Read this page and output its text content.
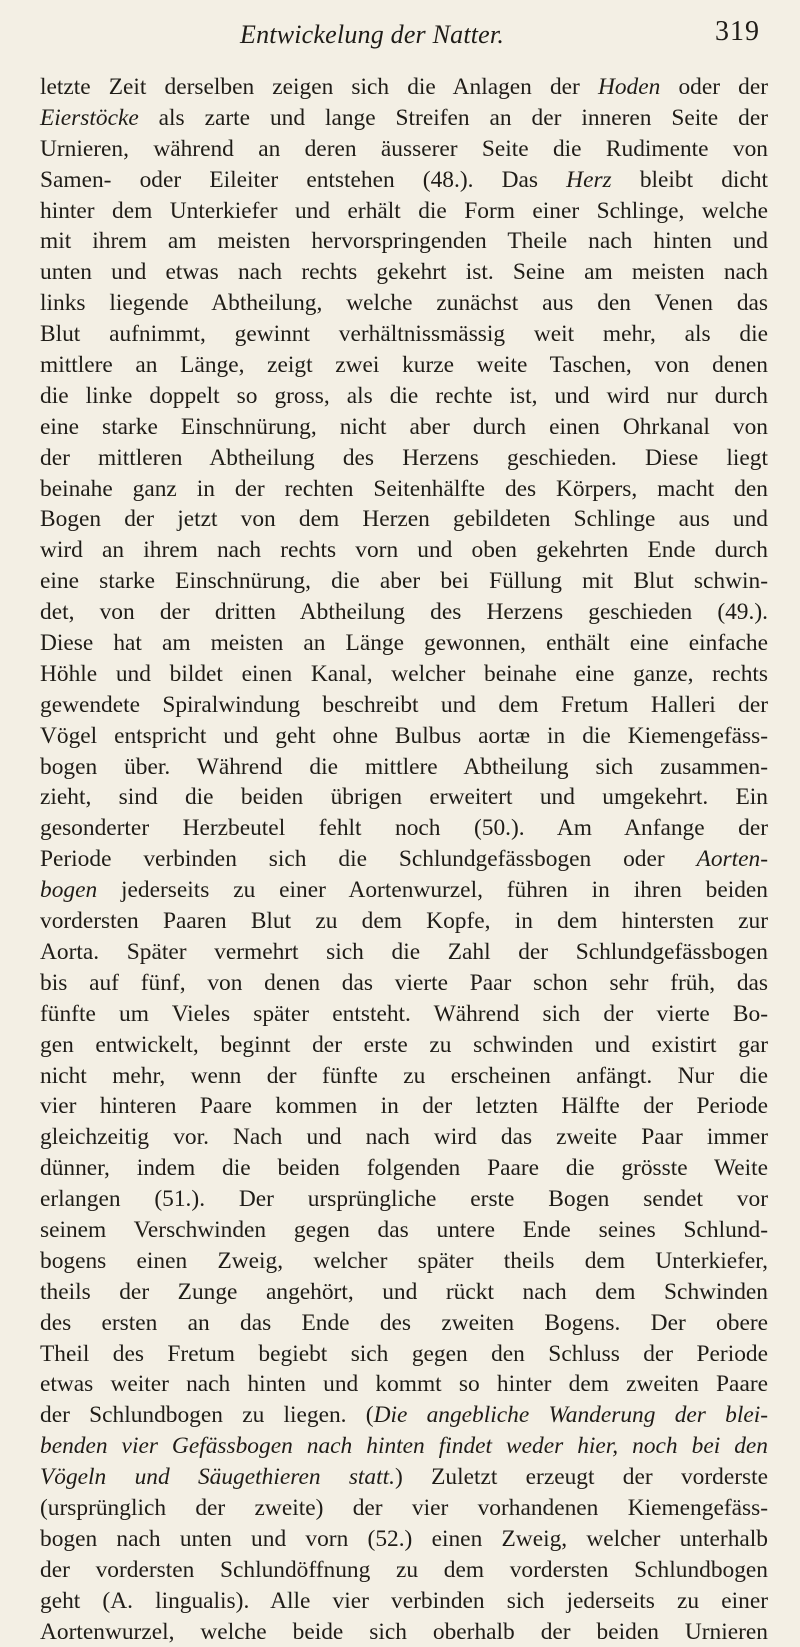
Entwickelung der Natter.	319
letzte Zeit derselben zeigen sich die Anlagen der Hoden oder der
Eierstöcke als zarte und lange Streifen an der inneren Seite der
Urnieren, während an deren äusserer Seite die Rudimente von
Samen- oder Eileiter entstehen (48.). Das Herz bleibt dicht
hinter dem Unterkiefer und erhält die Form einer Schlinge, welche
mit ihrem am meisten hervorspringenden Theile nach hinten und
unten und etwas nach rechts gekehrt ist. Seine am meisten nach
links liegende Abtheilung, welche zunächst aus den Venen das
Blut aufnimmt, gewinnt verhältnissmässig weit mehr, als die
mittlere an Länge, zeigt zwei kurze weite Taschen, von denen
die linke doppelt so gross, als die rechte ist, und wird nur durch
eine starke Einschnürung, nicht aber durch einen Ohrkanal von
der mittleren Abtheilung des Herzens geschieden. Diese liegt
beinahe ganz in der rechten Seitenhälfte des Körpers, macht den
Bogen der jetzt von dem Herzen gebildeten Schlinge aus und
wird an ihrem nach rechts vorn und oben gekehrten Ende durch
eine starke Einschnürung, die aber bei Füllung mit Blut schwin-
det, von der dritten Abtheilung des Herzens geschieden (49.).
Diese hat am meisten an Länge gewonnen, enthält eine einfache
Höhle und bildet einen Kanal, welcher beinahe eine ganze, rechts
gewendete Spiralwindung beschreibt und dem Fretum Halleri der
Vögel entspricht und geht ohne Bulbus aortæ in die Kiemengefäss-
bogen über. Während die mittlere Abtheilung sich zusammen-
zieht, sind die beiden übrigen erweitert und umgekehrt. Ein
gesonderter Herzbeutel fehlt noch (50.). Am Anfange der
Periode verbinden sich die Schlundgefässbogen oder Aorten-
bogen jederseits zu einer Aortenwurzel, führen in ihren beiden
vordersten Paaren Blut zu dem Kopfe, in dem hintersten zur
Aorta. Später vermehrt sich die Zahl der Schlundgefässbogen
bis auf fünf, von denen das vierte Paar schon sehr früh, das
fünfte um Vieles später entsteht. Während sich der vierte Bo-
gen entwickelt, beginnt der erste zu schwinden und existirt gar
nicht mehr, wenn der fünfte zu erscheinen anfängt. Nur die
vier hinteren Paare kommen in der letzten Hälfte der Periode
gleichzeitig vor. Nach und nach wird das zweite Paar immer
dünner, indem die beiden folgenden Paare die grösste Weite
erlangen (51.). Der ursprüngliche erste Bogen sendet vor
seinem Verschwinden gegen das untere Ende seines Schlund-
bogens einen Zweig, welcher später theils dem Unterkiefer,
theils der Zunge angehört, und rückt nach dem Schwinden
des ersten an das Ende des zweiten Bogens. Der obere
Theil des Fretum begiebt sich gegen den Schluss der Periode
etwas weiter nach hinten und kommt so hinter dem zweiten Paare
der Schlundbogen zu liegen. (Die angebliche Wanderung der blei-
benden vier Gefässbogen nach hinten findet weder hier, noch bei den
Vögeln und Säugethieren statt.) Zuletzt erzeugt der vorderste
(ursprünglich der zweite) der vier vorhandenen Kiemengefäss-
bogen nach unten und vorn (52.) einen Zweig, welcher unterhalb
der vordersten Schlundöffnung zu dem vordersten Schlundbogen
geht (A. lingualis). Alle vier verbinden sich jederseits zu einer
Aortenwurzel, welche beide sich oberhalb der beiden Urnieren
